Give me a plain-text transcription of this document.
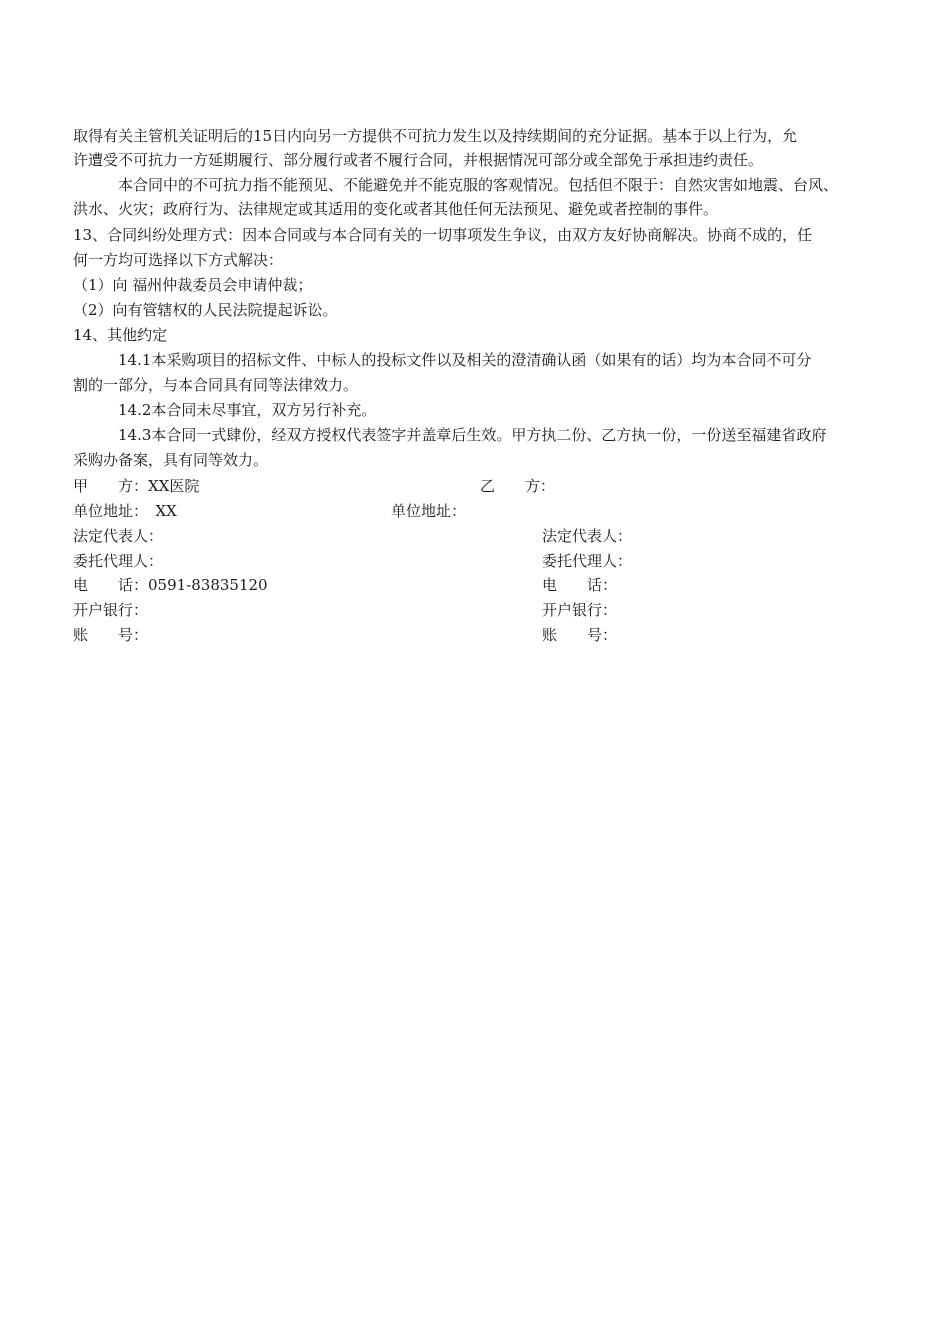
取得有关主管机关证明后的15日内向另一方提供不可抗力发生以及持续期间的充分证据。基本于以上行为，允
许遭受不可抗力一方延期履行、部分履行或者不履行合同，并根据情况可部分或全部免于承担违约责任。
本合同中的不可抗力指不能预见、不能避免并不能克服的客观情况。包括但不限于：自然灾害如地震、台风、
洪水、火灾；政府行为、法律规定或其适用的变化或者其他任何无法预见、避免或者控制的事件。
13、合同纠纷处理方式：因本合同或与本合同有关的一切事项发生争议，由双方友好协商解决。协商不成的，任
何一方均可选择以下方式解决：
（1）向 福州仲裁委员会申请仲裁；
（2）向有管辖权的人民法院提起诉讼。
14、其他约定
14.1本采购项目的招标文件、中标人的投标文件以及相关的澄清确认函（如果有的话）均为本合同不可分
割的一部分，与本合同具有同等法律效力。
14.2本合同未尽事宜，双方另行补充。
14.3本合同一式肆份，经双方授权代表签字并盖章后生效。甲方执二份、乙方执一份，一份送至福建省政府
采购办备案，具有同等效力。
甲　　方：XX医院	乙　　方：
单位地址：　XX	单位地址：
法定代表人：	法定代表人：
委托代理人：	委托代理人：
电　　话：0591-83835120	电　　话：
开户银行：	开户银行：
账　　号：	账　　号：
